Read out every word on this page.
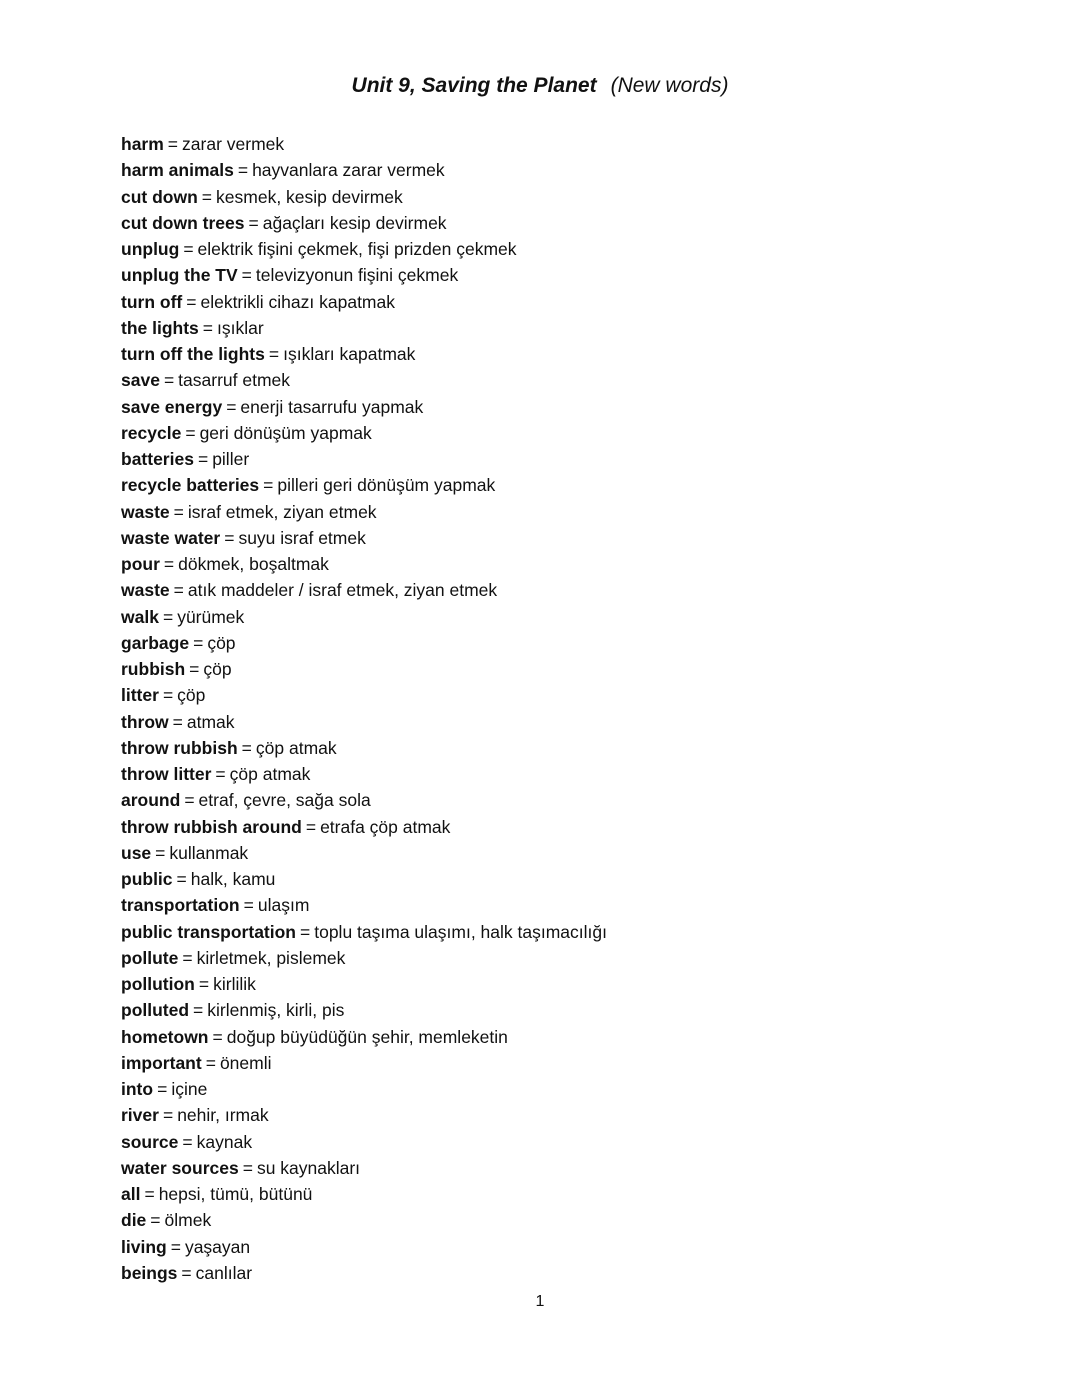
Unit 9, Saving the Planet (New words)
harm = zarar vermek
harm animals = hayvanlara zarar vermek
cut down = kesmek, kesip devirmek
cut down trees = ağaçları kesip devirmek
unplug = elektrik fişini çekmek, fişi prizden çekmek
unplug the TV = televizyonun fişini çekmek
turn off = elektrikli cihazı kapatmak
the lights = ışıklar
turn off the lights = ışıkları kapatmak
save = tasarruf etmek
save energy = enerji tasarrufu yapmak
recycle = geri dönüşüm yapmak
batteries = piller
recycle batteries = pilleri geri dönüşüm yapmak
waste = israf etmek, ziyan etmek
waste water = suyu israf etmek
pour = dökmek, boşaltmak
waste = atık maddeler / israf etmek, ziyan etmek
walk = yürümek
garbage = çöp
rubbish = çöp
litter = çöp
throw = atmak
throw rubbish = çöp atmak
throw litter = çöp atmak
around = etraf, çevre, sağa sola
throw rubbish around = etrafa çöp atmak
use = kullanmak
public = halk, kamu
transportation = ulaşım
public transportation = toplu taşıma ulaşımı, halk taşımacılığı
pollute = kirletmek, pislemek
pollution = kirlilik
polluted = kirlenmiş, kirli, pis
hometown = doğup büyüdüğün şehir, memleketin
important = önemli
into = içine
river = nehir, ırmak
source = kaynak
water sources = su kaynakları
all = hepsi, tümü, bütünü
die = ölmek
living = yaşayan
beings = canlılar
1
